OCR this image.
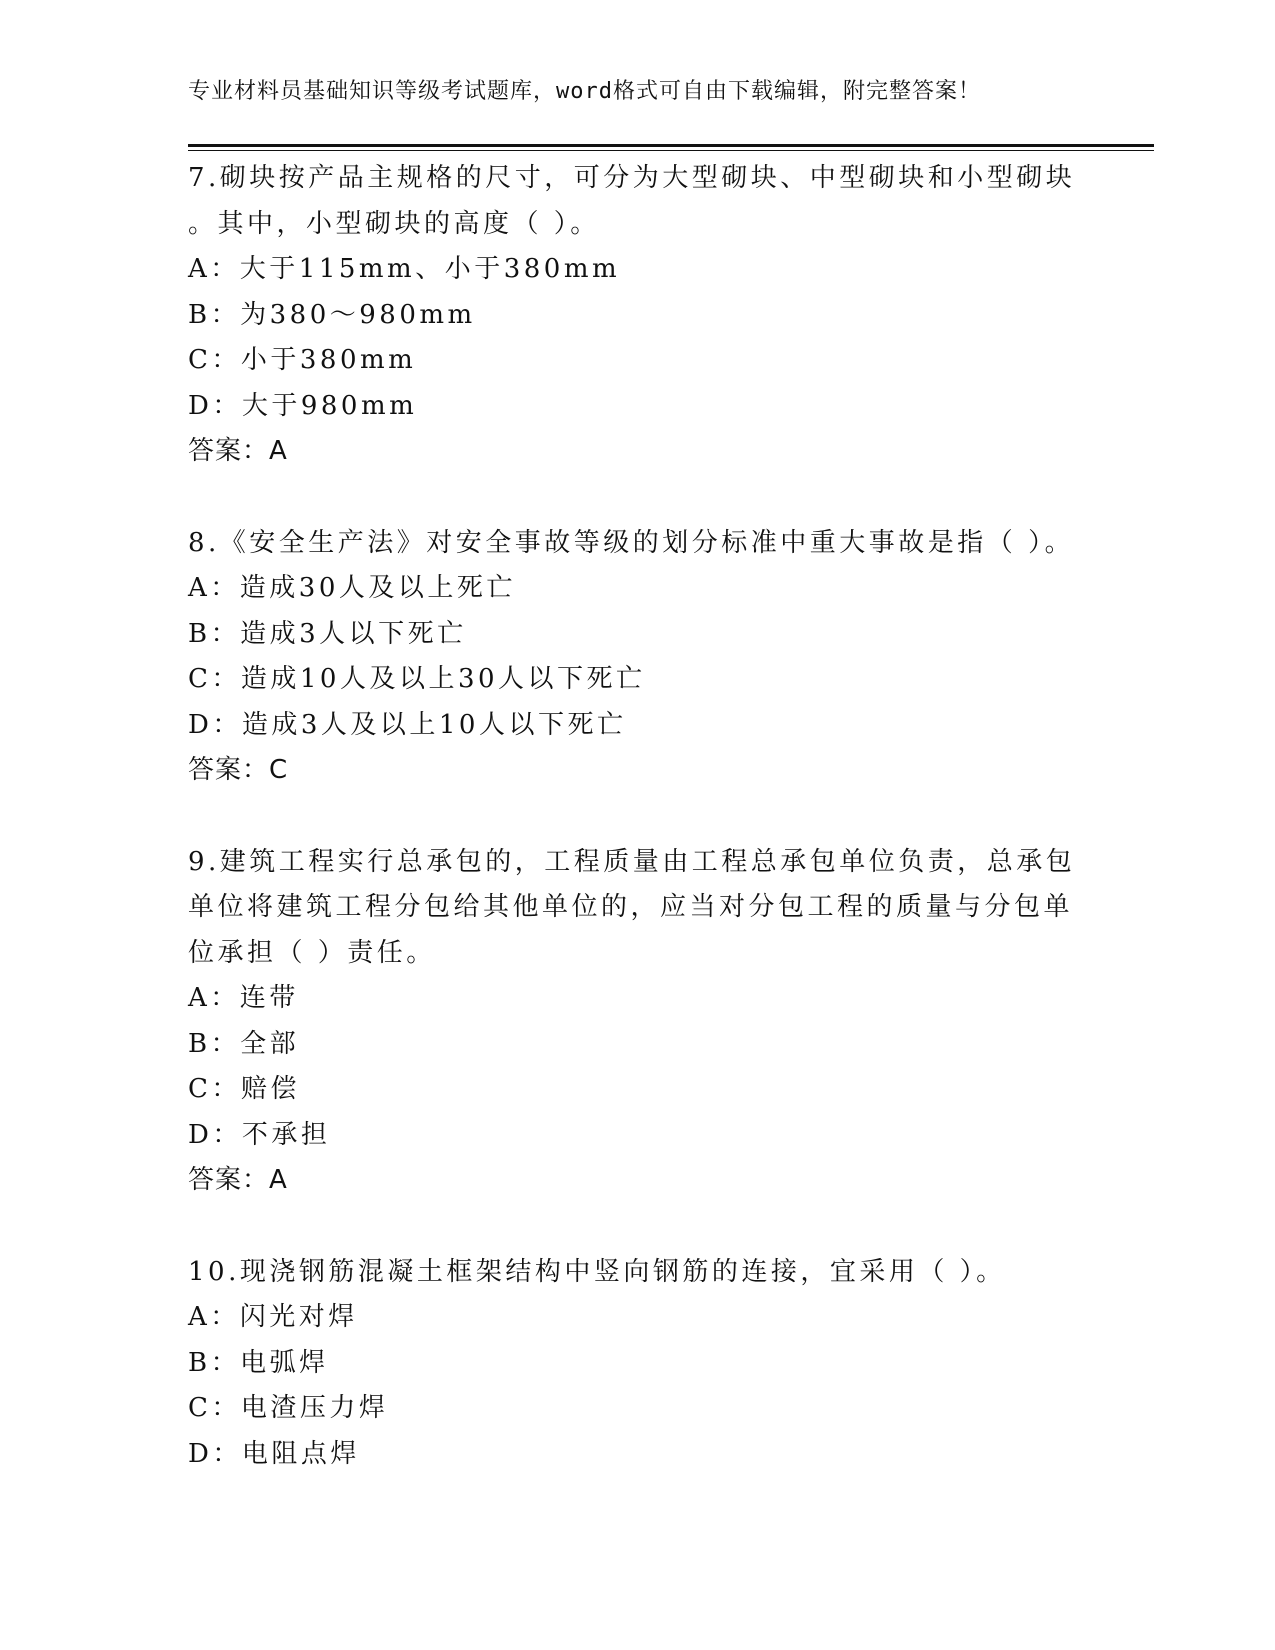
专业材料员基础知识等级考试题库，word格式可自由下载编辑，附完整答案！
7.砌块按产品主规格的尺寸，可分为大型砌块、中型砌块和小型砌块
。其中，小型砌块的高度（ ）。
A：大于115mm、小于380mm
B：为380～980mm
C：小于380mm
D：大于980mm
答案：A
8.《安全生产法》对安全事故等级的划分标准中重大事故是指（ ）。
A：造成30人及以上死亡
B：造成3人以下死亡
C：造成10人及以上30人以下死亡
D：造成3人及以上10人以下死亡
答案：C
9.建筑工程实行总承包的，工程质量由工程总承包单位负责，总承包
单位将建筑工程分包给其他单位的，应当对分包工程的质量与分包单
位承担（ ）责任。
A：连带
B：全部
C：赔偿
D：不承担
答案：A
10.现浇钢筋混凝土框架结构中竖向钢筋的连接，宜采用（ ）。
A：闪光对焊
B：电弧焊
C：电渣压力焊
D：电阻点焊
